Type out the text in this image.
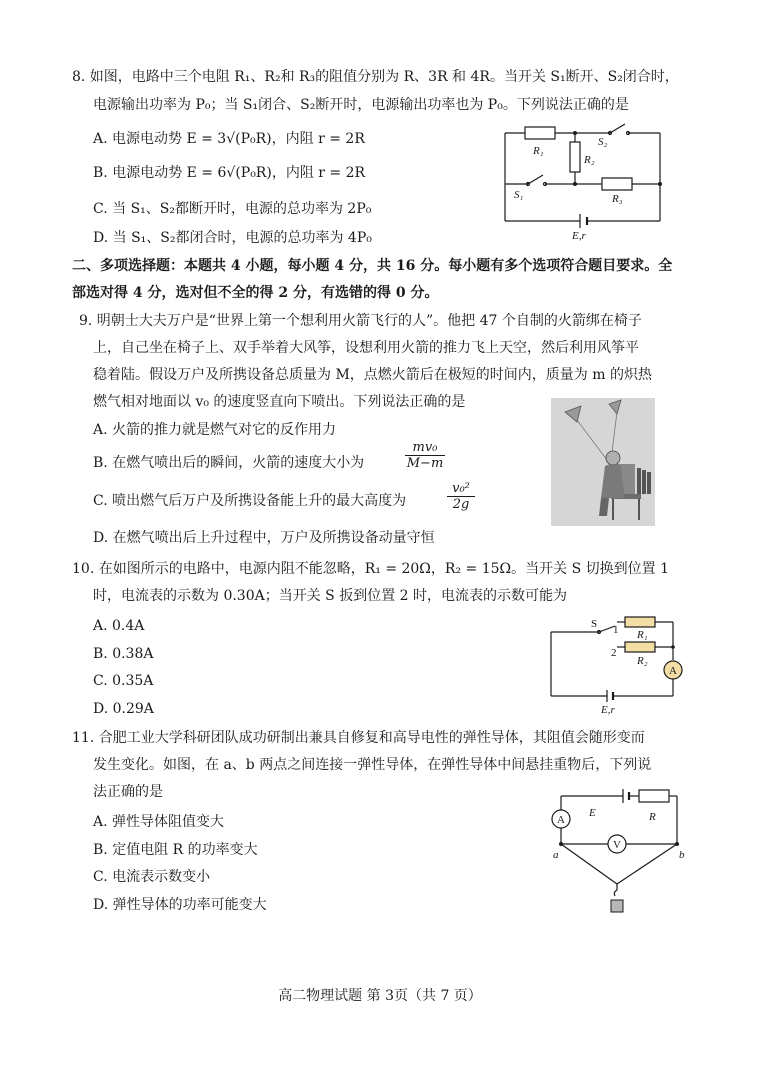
8. 如图，电路中三个电阻 R₁、R₂和 R₃的阻值分别为 R、3R 和 4R。当开关 S₁断开、S₂闭合时，
电源输出功率为 P₀；当 S₁闭合、S₂断开时，电源输出功率也为 P₀。下列说法正确的是
A. 电源电动势 E = 3√(P₀R)，内阻 r = 2R
B. 电源电动势 E = 6√(P₀R)，内阻 r = 2R
C. 当 S₁、S₂都断开时，电源的总功率为 2P₀
D. 当 S₁、S₂都闭合时，电源的总功率为 4P₀
R₁
R₂
R₃
S₁
S₂
E,r
二、多项选择题：本题共 4 小题，每小题 4 分，共 16 分。每小题有多个选项符合题目要求。全
部选对得 4 分，选对但不全的得 2 分，有选错的得 0 分。
9. 明朝士大夫万户是“世界上第一个想利用火箭飞行的人”。他把 47 个自制的火箭绑在椅子
上，自己坐在椅子上、双手举着大风筝，设想利用火箭的推力飞上天空，然后利用风筝平
稳着陆。假设万户及所携设备总质量为 M，点燃火箭后在极短的时间内，质量为 m 的炽热
燃气相对地面以 v₀ 的速度竖直向下喷出。下列说法正确的是
A. 火箭的推力就是燃气对它的反作用力
B. 在燃气喷出后的瞬间，火箭的速度大小为	$\frac{\text{mv₀}}{M-m}$
C. 喷出燃气后万户及所携设备能上升的最大高度为	$\frac{\text{v₀²}}{2g}$
D. 在燃气喷出后上升过程中，万户及所携设备动量守恒
10. 在如图所示的电路中，电源内阻不能忽略，R₁ = 20Ω，R₂ = 15Ω。当开关 S 切换到位置 1
时，电流表的示数为 0.30A；当开关 S 扳到位置 2 时，电流表的示数可能为
A. 0.4A
B. 0.38A
C. 0.35A
D. 0.29A
S 1
2
R₁
R₂
A
E,r
11. 合肥工业大学科研团队成功研制出兼具自修复和高导电性的弹性导体，其阻值会随形变而
发生变化。如图，在 a、b 两点之间连接一弹性导体，在弹性导体中间悬挂重物后，下列说
法正确的是
A. 弹性导体阻值变大
B. 定值电阻 R 的功率变大
C. 电流表示数变小
D. 弹性导体的功率可能变大
A
V
E	R
a	b
高二物理试题 第 3页（共 7 页）
